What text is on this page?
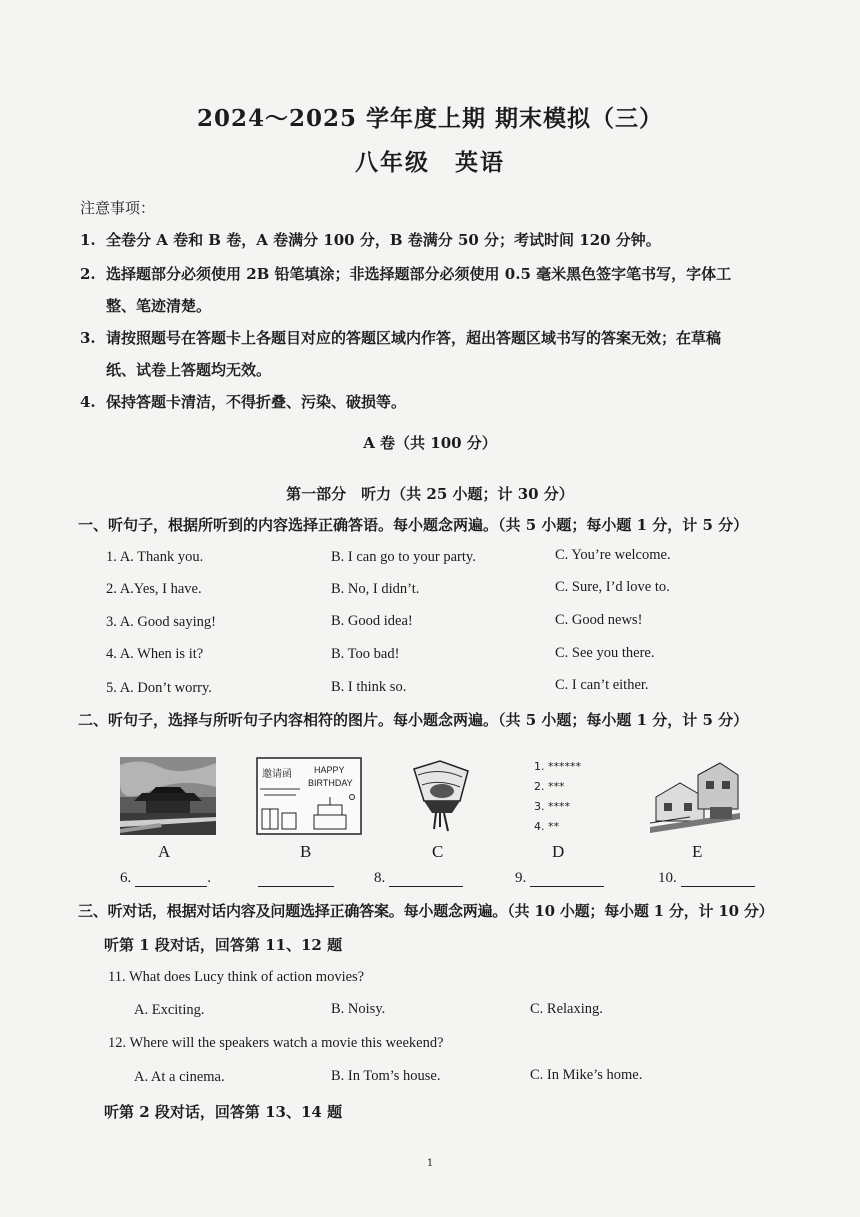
2024～2025 学年度上期 期末模拟（三）
八年级　英语
注意事项：
1. 全卷分 A 卷和 B 卷，A 卷满分 100 分，B 卷满分 50 分；考试时间 120 分钟。
2. 选择题部分必须使用 2B 铅笔填涂；非选择题部分必须使用 0.5 毫米黑色签字笔书写，字体工
整、笔迹清楚。
3. 请按照题号在答题卡上各题目对应的答题区域内作答，超出答题区域书写的答案无效；在草稿
纸、试卷上答题均无效。
4. 保持答题卡清洁，不得折叠、污染、破损等。
A 卷（共 100 分）
第一部分　听力（共 25 小题；计 30 分）
一、听句子，根据所听到的内容选择正确答语。每小题念两遍。（共 5 小题；每小题 1 分，计 5 分）
1. A. Thank you.	B. I can go to your party.	C. You’re welcome.
2. A.Yes, I have.	B. No, I didn’t.	C. Sure, I’d love to.
3. A. Good saying!	B. Good idea!	C. Good news!
4. A. When is it?	B. Too bad!	C. See you there.
5. A. Don’t worry.	B. I think so.	C. I can’t either.
二、听句子，选择与所听句子内容相符的图片。每小题念两遍。（共 5 小题；每小题 1 分，计 5 分）
A
邀请函 HAPPY
BIRTHDAY
B	C
1. ******
2. ***
3. ****
4. **
D	E
6.	.	8.	9.	10.
三、听对话，根据对话内容及问题选择正确答案。每小题念两遍。（共 10 小题；每小题 1 分，计 10 分）
听第 1 段对话，回答第 11、12 题
11. What does Lucy think of action movies?
A. Exciting.	B. Noisy.	C. Relaxing.
12. Where will the speakers watch a movie this weekend?
A. At a cinema.	B. In Tom’s house.	C. In Mike’s home.
听第 2 段对话，回答第 13、14 题
1
